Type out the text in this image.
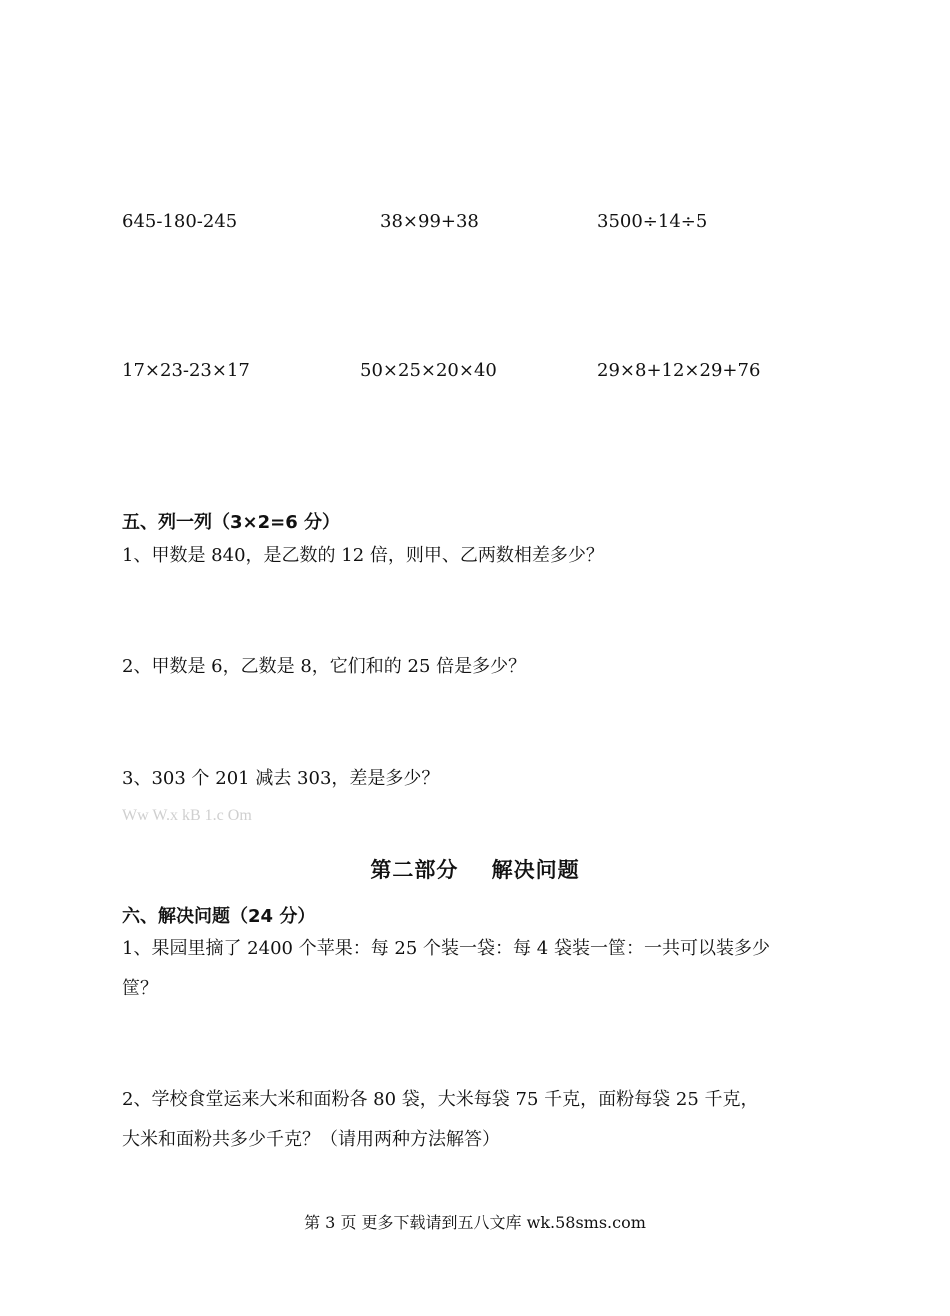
645-180-245	38×99+38	3500÷14÷5
17×23-23×17	50×25×20×40	29×8+12×29+76
五、列一列（3×2=6 分）
1、甲数是 840，是乙数的 12 倍，则甲、乙两数相差多少？
2、甲数是 6，乙数是 8，它们和的 25 倍是多少？
3、303 个 201 减去 303，差是多少？
Ww W.x kB 1.c Om
第二部分    解决问题
六、解决问题（24 分）
1、果园里摘了 2400 个苹果：每 25 个装一袋：每 4 袋装一筐：一共可以装多少
筐？
2、学校食堂运来大米和面粉各 80 袋，大米每袋 75 千克，面粉每袋 25 千克，
大米和面粉共多少千克？（请用两种方法解答）
第 3 页 更多下载请到五八文库 wk.58sms.com
